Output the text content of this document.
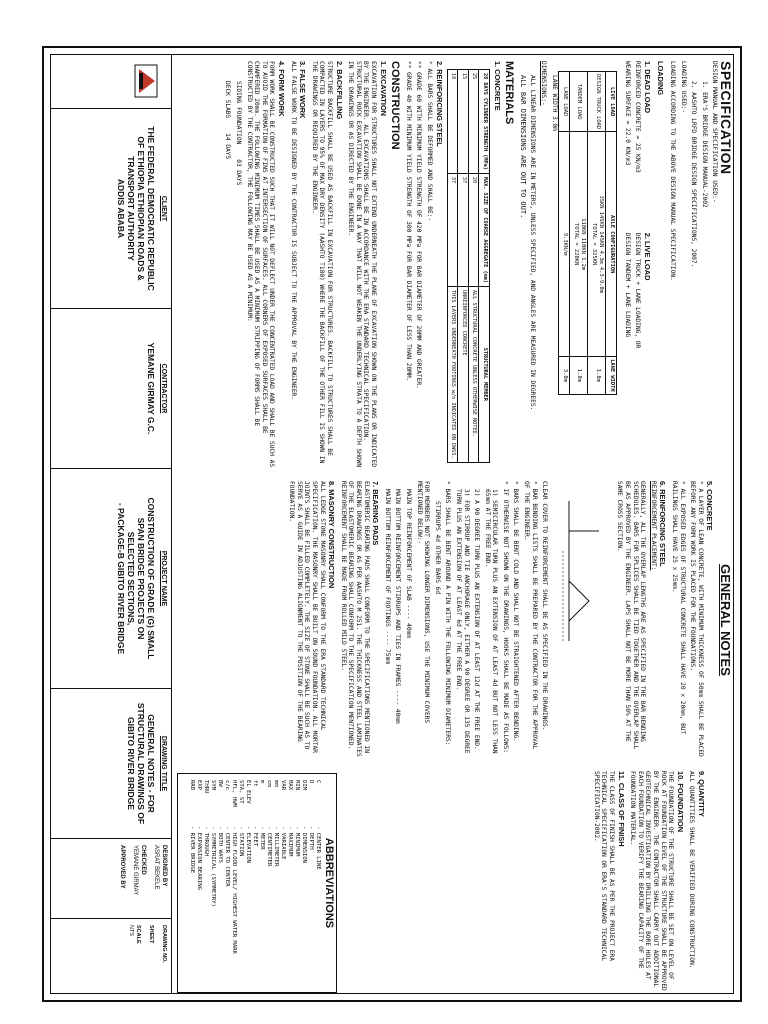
SPECIFICATION

DESIGN MANUAL AND SPECIFICATION USED:-

1. ERA'S BRIDGE DESIGN MANUAL-2002

2. AASHTO LRFD BRIDGE DESIGN SPECIFICATIONS, 2007.

LOADING USED:-

LOADING ACCORDING TO THE ABOVE DESIGN MANUAL SPECIFICATION.

LOADING
1. DEAD LOAD

REINFORCED CONCRETE = 25 KN/m3

WEARING SURFACE = 22.0 KN/m3

2. LIVE LOAD

DESIGN TRUCK + LANE LOADING, OR

DESIGN TANDEM + LANE LOADING

LIVE LOAD	AXLE CONFIGURATION	LANE WIDTH
DESIGN TRUCK LOAD	35KN 145KN 145KN 4.3m 4.3-9.0m
TOTAL = 325KN	1.8m
TANDEM LOAD	110KN 110KN 1.2m
TOTAL = 220KN	1.8m
LANE LOAD	9.3KN/m	3.0m

LANE WIDTH 3.0m

DIMENSIONS:-

ALL LINEAR DIMENSIONS ARE IN METERS, UNLESS SPECIFIED, AND ANGLES ARE MEASURED IN DEGREES.

ALL BAR DIMENSIONS ARE OUT TO OUT.

MATERIALS
1. CONCRETE
28 DAYS CYLINDER STRENGTH (MPa)	MAX. SIZE OF COARSE AGGREGATE (mm)	STRUCTURAL MEMBER
25	20	ALL STRUCTURAL CONCRETE UNLESS OTHERWISE NOTED.
15	37	UNREINFORCED CONCRETE
10	37	THIS LAYERS UNDERNEATH FOOTINGS w/n INDICATED ON DWGS.
2. REINFORCING STEEL

* ALL BARS SHALL BE DEFORMED AND SHALL BE:-

** GRADE 60 WITH MINIMUM YIELD STRENGTH OF 420 MPa FOR BAR DIAMETER OF 20MM AND GREATER.

** GRADE 40 WITH MINIMUM YIELD STRENGTH OF 300 MPa FOR BAR DIAMETER OF LESS THAN 20MM.

CONSTRUCTION
1. EXCAVATION

EXCAVATION FOR STRUCTURES SHALL NOT EXTEND UNDERNEATH THE PLANE OF EXCAVATION SHOWN ON THE PLANS OR INDICATED BY THE ENGINEER. ALL EXCAVATIONS SHALL BE IN ACCORDANCE WITH THE ERA STANDARD TECHNICAL SPECIFICATION. STRUCTURAL ROCK EXCAVATION SHALL BE DONE IN A WAY THAT WILL NOT WEAKEN THE UNDERLYING STRATA TO A DEPTH SHOWN IN THE DRAWINGS OR AS DIRECTED BY THE ENGINEER.

2. BACKFILLING

STRUCTURE BACKFILL SHALL BE USED AS BACKFILL IN EXCAVATION FOR STRUCTURES. BACKFILL TO STRUCTURES SHALL BE COMPACTED IN LAYERS TO 95% OF MAX DRY DENSITY (AASHTO T180) WHERE THE BACKFILL OF THE OTHER FILL IS SHOWN IN THE DRAWINGS OR REQUIRED BY THE ENGINEER.

3. FALSE WORK

ALL FALSE WORK TO BE DESIGNED BY THE CONTRACTOR IS SUBJECT TO THE APPROVAL BY THE ENGINEER.

4. FORM WORK

FORM WORK SHALL BE CONSTRUCTED SUCH THAT IT WILL NOT DEFLECT UNDER THE CONCENTRATED LOAD AND SHALL BE SUCH AS TO AVOID THE FORMATION OF FINS AT INTERSECTION OF SURFACES. ALL CORNERS OF EXPOSED SURFACES SHALL BE CHAMFERED 20mm. THE FOLLOWING MINIMUM TIMES SHALL BE USED AS A MINIMUM STRIPPING OF FORMS SHALL BE CONSTRUCTED BY THE CONTRACTOR, THE FOLLOWING MAY BE USED AS A MINIMUM:

SIDING FOUNDATION    03 DAYS

DECK SLABS    14 DAYS

GENERAL NOTES
5. CONCRETE

* A LAYER OF LEAN CONCRETE, WITH MINIMUM THICKNESS OF 50mm SHALL BE PLACED BEFORE ANY FORM WORK IS PLACED FOR THE FOUNDATIONS.

* ALL EXPOSED EDGES OF STRUCTURAL CONCRETE SHALL HAVE 20 x 20mm, BUT RAILINGS SHALL HAVE 25 x 25mm.

6. REINFORCING STEEL

REINFORCEMENT PLACEMENT:

GENERALLY, ALL THE OVERLAP LENGTHS ARE AS SPECIFIED IN THE BAR BENDING SCHEDULES. BARS FOR SPLICES SHALL BE TIED TOGETHER AND THE OVERLAP SHALL BE AS APPROVED BY THE ENGINEER. LAPS SHALL NOT BE MORE THAN 50% AT THE SAME CROSS SECTION.

CLEAR COVER TO REINFORCEMENT SHALL BE AS SPECIFIED IN THE DRAWINGS.

* BAR BENDING LISTS SHALL BE PREPARED BY THE CONTRACTOR FOR THE APPROVAL OF THE ENGINEER.

* BARS SHALL BE BENT COLD AND SHALL NOT BE STRAIGHTENED AFTER BENDING.

* IF OTHERWISE NOT SHOWN ON THE DRAWINGS, HOOKS SHALL BE MADE AS FOLLOWS:

1) SEMICIRCULAR TURN PLUS AN EXTENSION OF AT LEAST 4d BUT NOT LESS THAN 65mm AT THE FREE END.

2) A 90 DEGREE TURN PLUS AN EXTENSION OF AT LEAST 12d AT THE FREE END.

3) FOR STIRRUP AND TIE ANCHORAGE ONLY, EITHER A 90 DEGREE OR 135 DEGREE TURN PLUS AN EXTENSION OF AT LEAST 6d AT THE FREE END.

* BARS SHALL BE BENT AROUND A PIN WITH THE FOLLOWING MINIMUM DIAMETERS:

STIRRUPS 4d OTHER BARS 6d

FOR MEMBERS NOT SHOWING LONGER DIMENSIONS, USE THE MINIMUM COVERS MENTIONED BELOW:-

MAIN TOP REINFORCEMENT OF SLAB ---- 40mm

MAIN BOTTOM REINFORCEMENT STIRRUPS AND TIES IN FRAMES ---- 40mm

MAIN BOTTOM REINFORCEMENT OF FOOTINGS ---- 75mm

7. BEARING PADS

ELASTOMERIC BEARING PADS SHALL CONFORM TO THE SPECIFICATIONS MENTIONED IN BEARING DRAWINGS OR AS PER AASHTO M 251. THE THICKNESS AND STEEL LAMINATES OF THE ELASTOMERIC BEARING SHALL CONFORM TO THE SPECIFICATION MENTIONED. REINFORCEMENT SHALL BE MADE FROM ROLLED MILD STEEL.

8. MASONRY CONSTRUCTION

ALL LEDGE STONE MASONRY SHALL CONFORM TO THE ERA STANDARD TECHNICAL SPECIFICATION. THE MASONRY SHALL BE BUILT ON SOUND FOUNDATION. ALL MORTAR JOINTS SHALL BE FILLED COMPLETELY. THE SIZE OF STONE SHALL BE SUCH AS TO SERVE AS A GUIDE IN ADJUSTING ALIGNMENT TO THE POSITION OF THE BEARING FOUNDATION.

9. QUANTITY

ALL QUANTITIES SHALL BE VERIFIED DURING CONSTRUCTION.

10. FOUNDATION

THE FOUNDATION OF THE STRUCTURE SHALL BE SET ON LEVEL OF ROCK AT FOUNDATION LEVEL OF THE STRUCTURE SHALL BE APPROVED BY THE ENGINEER. THE CONTRACTOR SHALL CARRY OUT ADDITIONAL GEOTECHNICAL INVESTIGATION BY DRILLING THE BORE HOLES AT EACH FOUNDATION TO VERIFY THE BEARING CAPACITY OF THE FOUNDATION MATERIAL.

11. CLASS OF FINISH

THE CLASS OF FINISH SHALL BE AS PER THE PROJECT ERA TECHNICAL SPECIFICATION OR ERA'S STANDARD TECHNICAL SPECIFICATION-2002.

ABBREVIATIONS
C
- CENTER LINE
D
- DEPTH
DIM
- DIMENSION
MIN
- MINIMUM
MAX
- MAXIMUM
VAR
- VARIABLE
mm
- MILLIMETER
cm
- CENTIMETER
m
- METER
ft
- FEET
EL ELEV
- ELEVATION
STA, ST
- STATION
HFL, HWM
- HIGH FLOOD LEVEL/ HIGHEST WATER MARK
c/c
- CENTER TO CENTER
BW
- BOTH WAYS
SYM
- SYMMETRICAL (SYMMETRY)
THRU
- THROUGH
EXP
- EXPANSION BEARING
RRB
- RIVER BRIDGE
CLIENT
THE FEDERAL DEMOCRATIC REPUBLIC
OF ETHIOPIA ETHIOPIAN ROADS &
TRANSPORT AUTHORITY
ADDIS ABABA
CONTRACTOR
YEMANE GIRMAY G.C.
PROJECT NAME
CONSTRUCTION OF GRADE (G) SMALL
SPAN BRIDGE PROJECTS ON
SELECTED SECTIONS,
- PACKAGE-B GIBITO RIVER BRIDGE
DRAWING TITLE
GENERAL NOTES - FOR
STRUCTURAL DRAWINGS OF
GIBITO RIVER BRIDGE
DESIGNED BY
ASRAT BEKELE
CHECKED
YEMANE GIRMAY
APPROVED BY
DRAWING NO.
SHEET
SCALE
NTS
